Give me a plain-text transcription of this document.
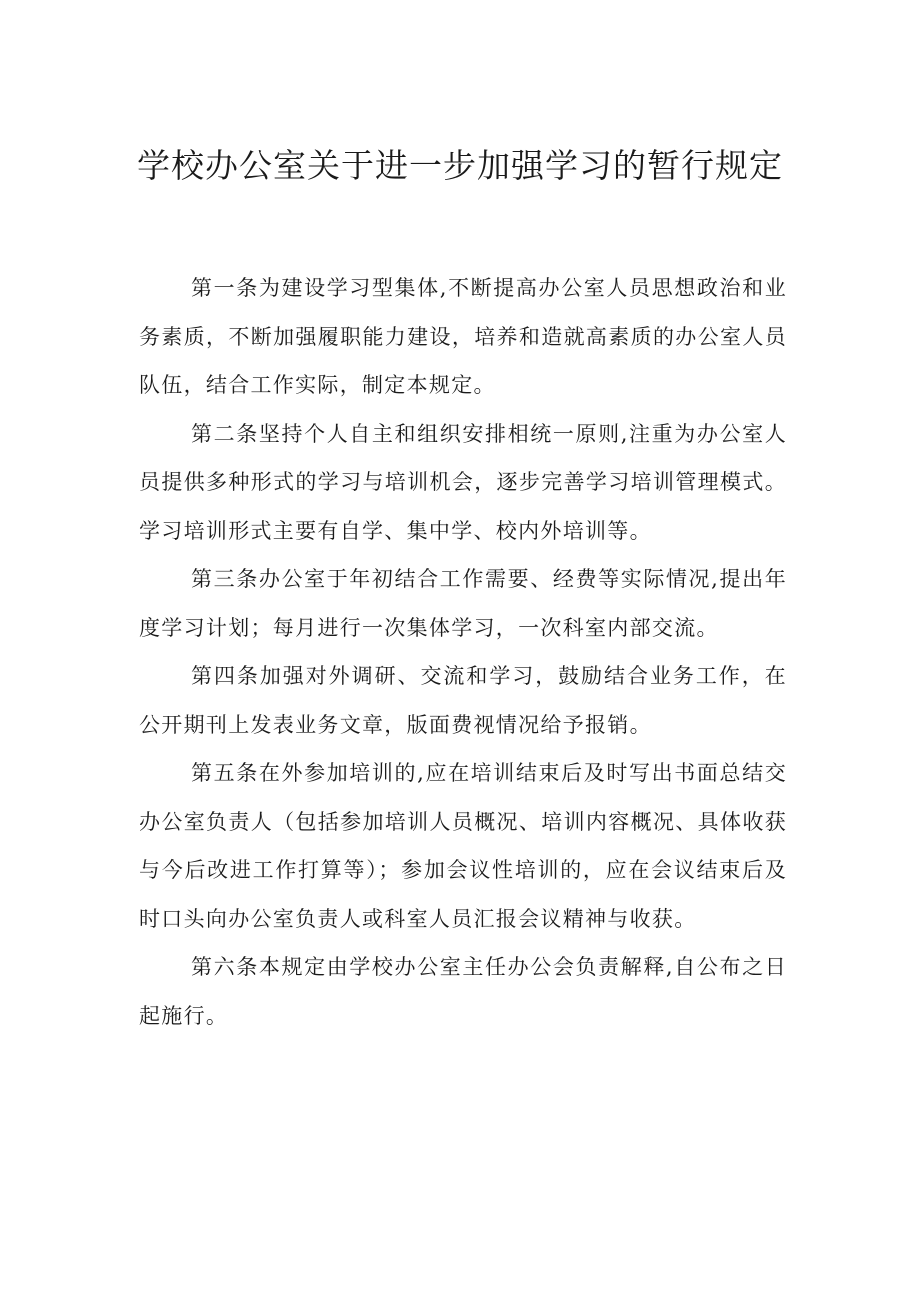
学校办公室关于进一步加强学习的暂行规定

第一条为建设学习型集体,不断提高办公室人员思想政治和业务素质，不断加强履职能力建设，培养和造就高素质的办公室人员队伍，结合工作实际，制定本规定。

第二条坚持个人自主和组织安排相统一原则,注重为办公室人员提供多种形式的学习与培训机会，逐步完善学习培训管理模式。学习培训形式主要有自学、集中学、校内外培训等。

第三条办公室于年初结合工作需要、经费等实际情况,提出年度学习计划；每月进行一次集体学习，一次科室内部交流。

第四条加强对外调研、交流和学习，鼓励结合业务工作，在公开期刊上发表业务文章，版面费视情况给予报销。

第五条在外参加培训的,应在培训结束后及时写出书面总结交办公室负责人（包括参加培训人员概况、培训内容概况、具体收获与今后改进工作打算等）；参加会议性培训的，应在会议结束后及时口头向办公室负责人或科室人员汇报会议精神与收获。

第六条本规定由学校办公室主任办公会负责解释,自公布之日起施行。
